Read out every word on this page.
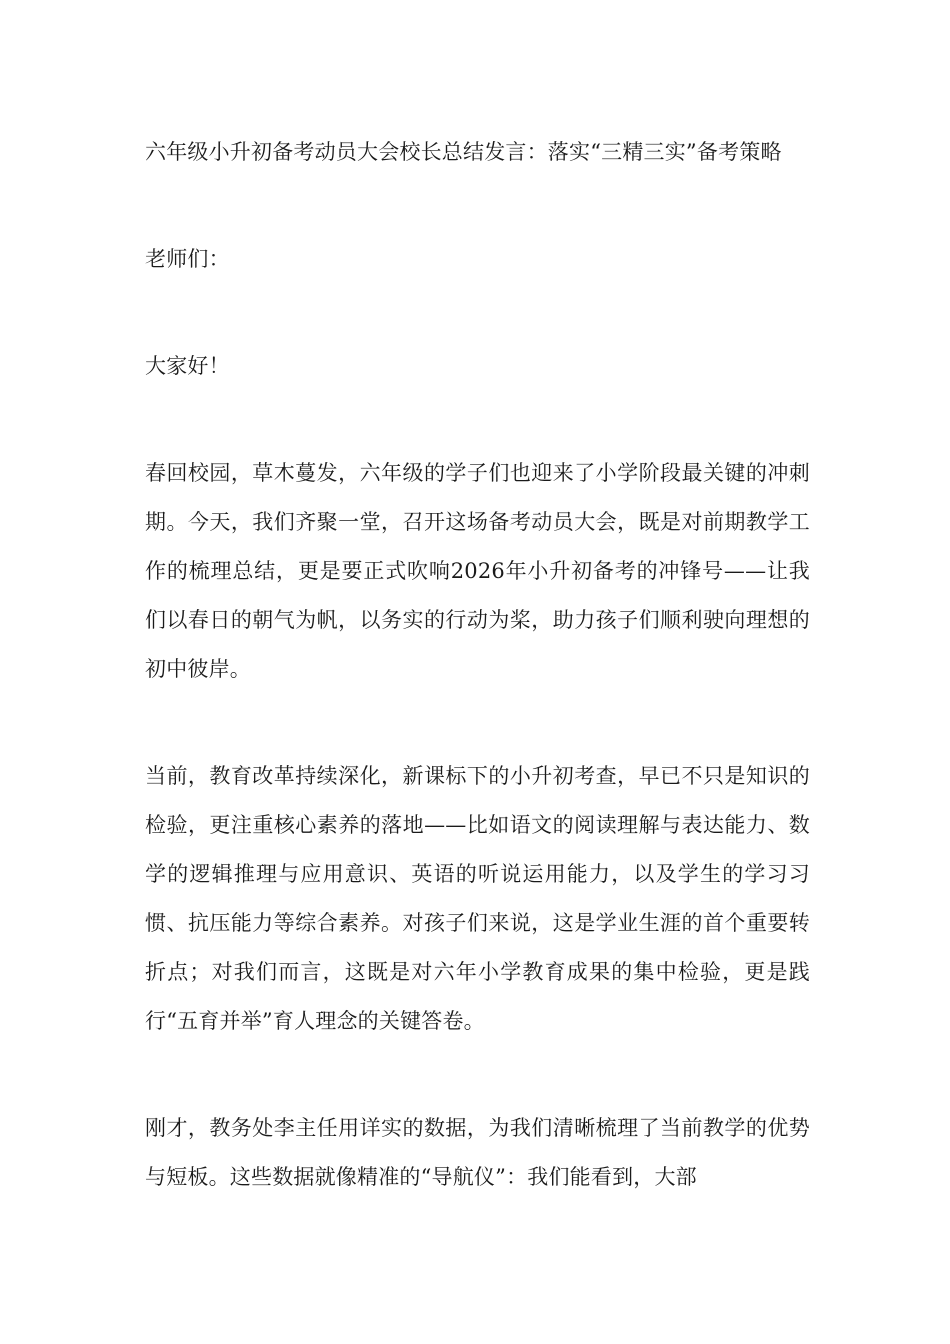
六年级小升初备考动员大会校长总结发言：落实“三精三实”备考策略

老师们：

大家好！

春回校园，草木蔓发，六年级的学子们也迎来了小学阶段最关键的冲刺期。今天，我们齐聚一堂，召开这场备考动员大会，既是对前期教学工作的梳理总结，更是要正式吹响2026年小升初备考的冲锋号——让我们以春日的朝气为帆，以务实的行动为桨，助力孩子们顺利驶向理想的初中彼岸。

当前，教育改革持续深化，新课标下的小升初考查，早已不只是知识的检验，更注重核心素养的落地——比如语文的阅读理解与表达能力、数学的逻辑推理与应用意识、英语的听说运用能力，以及学生的学习习惯、抗压能力等综合素养。对孩子们来说，这是学业生涯的首个重要转折点；对我们而言，这既是对六年小学教育成果的集中检验，更是践行“五育并举”育人理念的关键答卷。

刚才，教务处李主任用详实的数据，为我们清晰梳理了当前教学的优势与短板。这些数据就像精准的“导航仪”：我们能看到，大部
